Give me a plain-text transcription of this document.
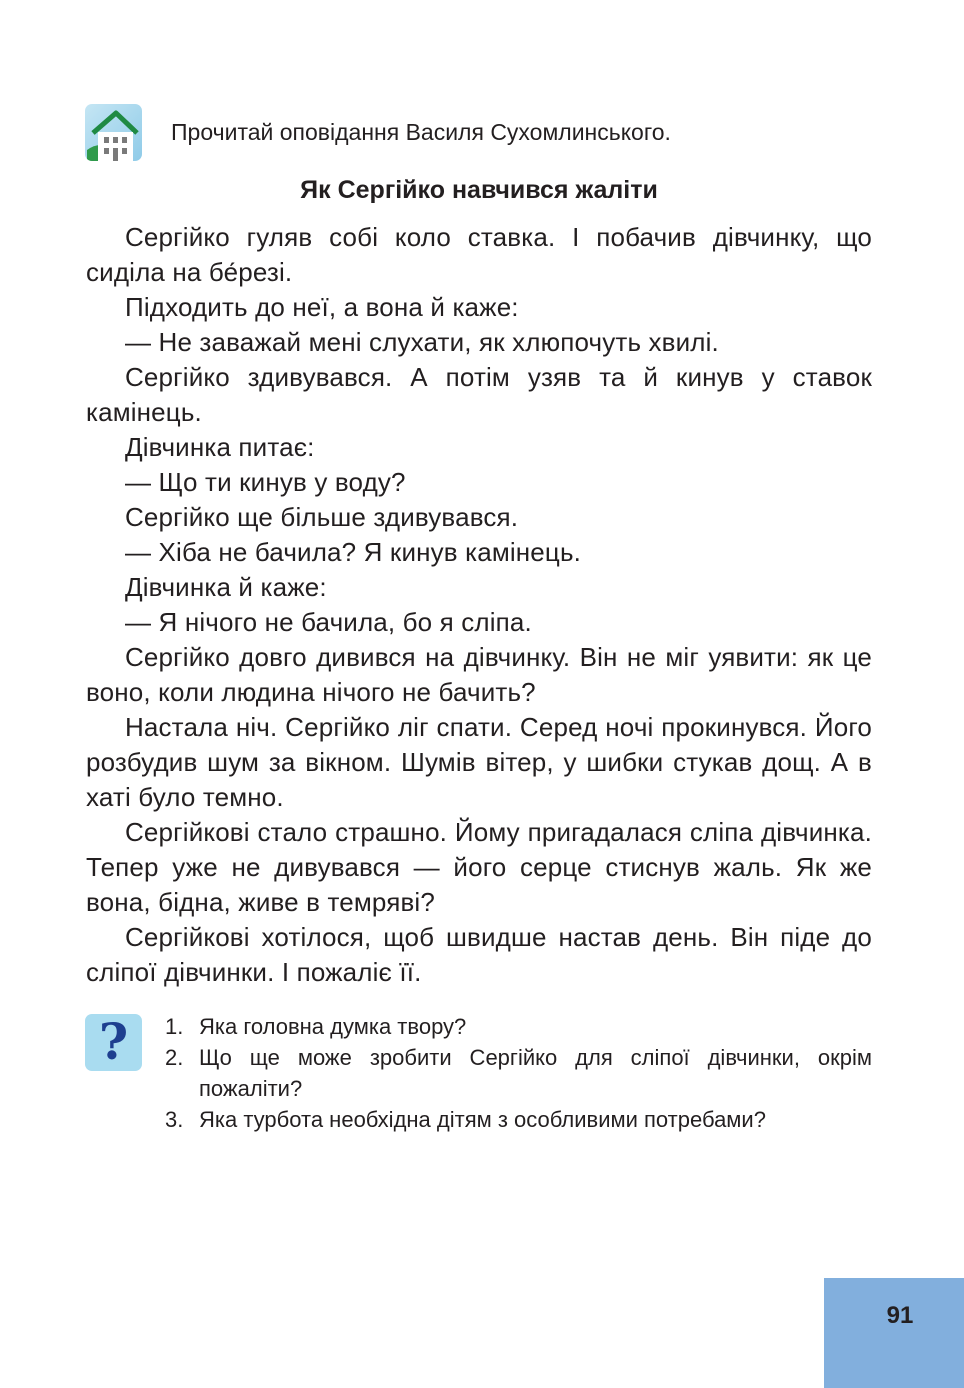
Прочитай оповідання Василя Сухомлинського.
Як Сергійко навчився жаліти

Сергійко гуляв собі коло ставка. І побачив дівчинку, що сиділа на бе́резі.

Підходить до неї, а вона й каже:

— Не заважай мені слухати, як хлюпочуть хвилі.

Сергійко здивувався. А потім узяв та й кинув у ставок камінець.

Дівчинка питає:

— Що ти кинув у воду?

Сергійко ще більше здивувався.

— Хіба не бачила? Я кинув камінець.

Дівчинка й каже:

— Я нічого не бачила, бо я сліпа.

Сергійко довго дивився на дівчинку. Він не міг уявити: як це воно, коли людина нічого не бачить?

Настала ніч. Сергійко ліг спати. Серед ночі прокинувся. Його розбудив шум за вікном. Шумів вітер, у шибки стукав дощ. А в хаті було темно.

Сергійкові стало страшно. Йому пригадалася сліпа дівчинка. Тепер уже не дивувався — його серце стиснув жаль. Як же вона, бідна, живе в темряві?

Сергійкові хотілося, щоб швидше настав день. Він піде до сліпої дівчинки. І пожаліє її.

?	1. Яка головна думка твору?
2. Що ще може зробити Сергійко для сліпої дівчинки, окрім пожаліти?
3. Яка турбота необхідна дітям з особливими потребами?
91
